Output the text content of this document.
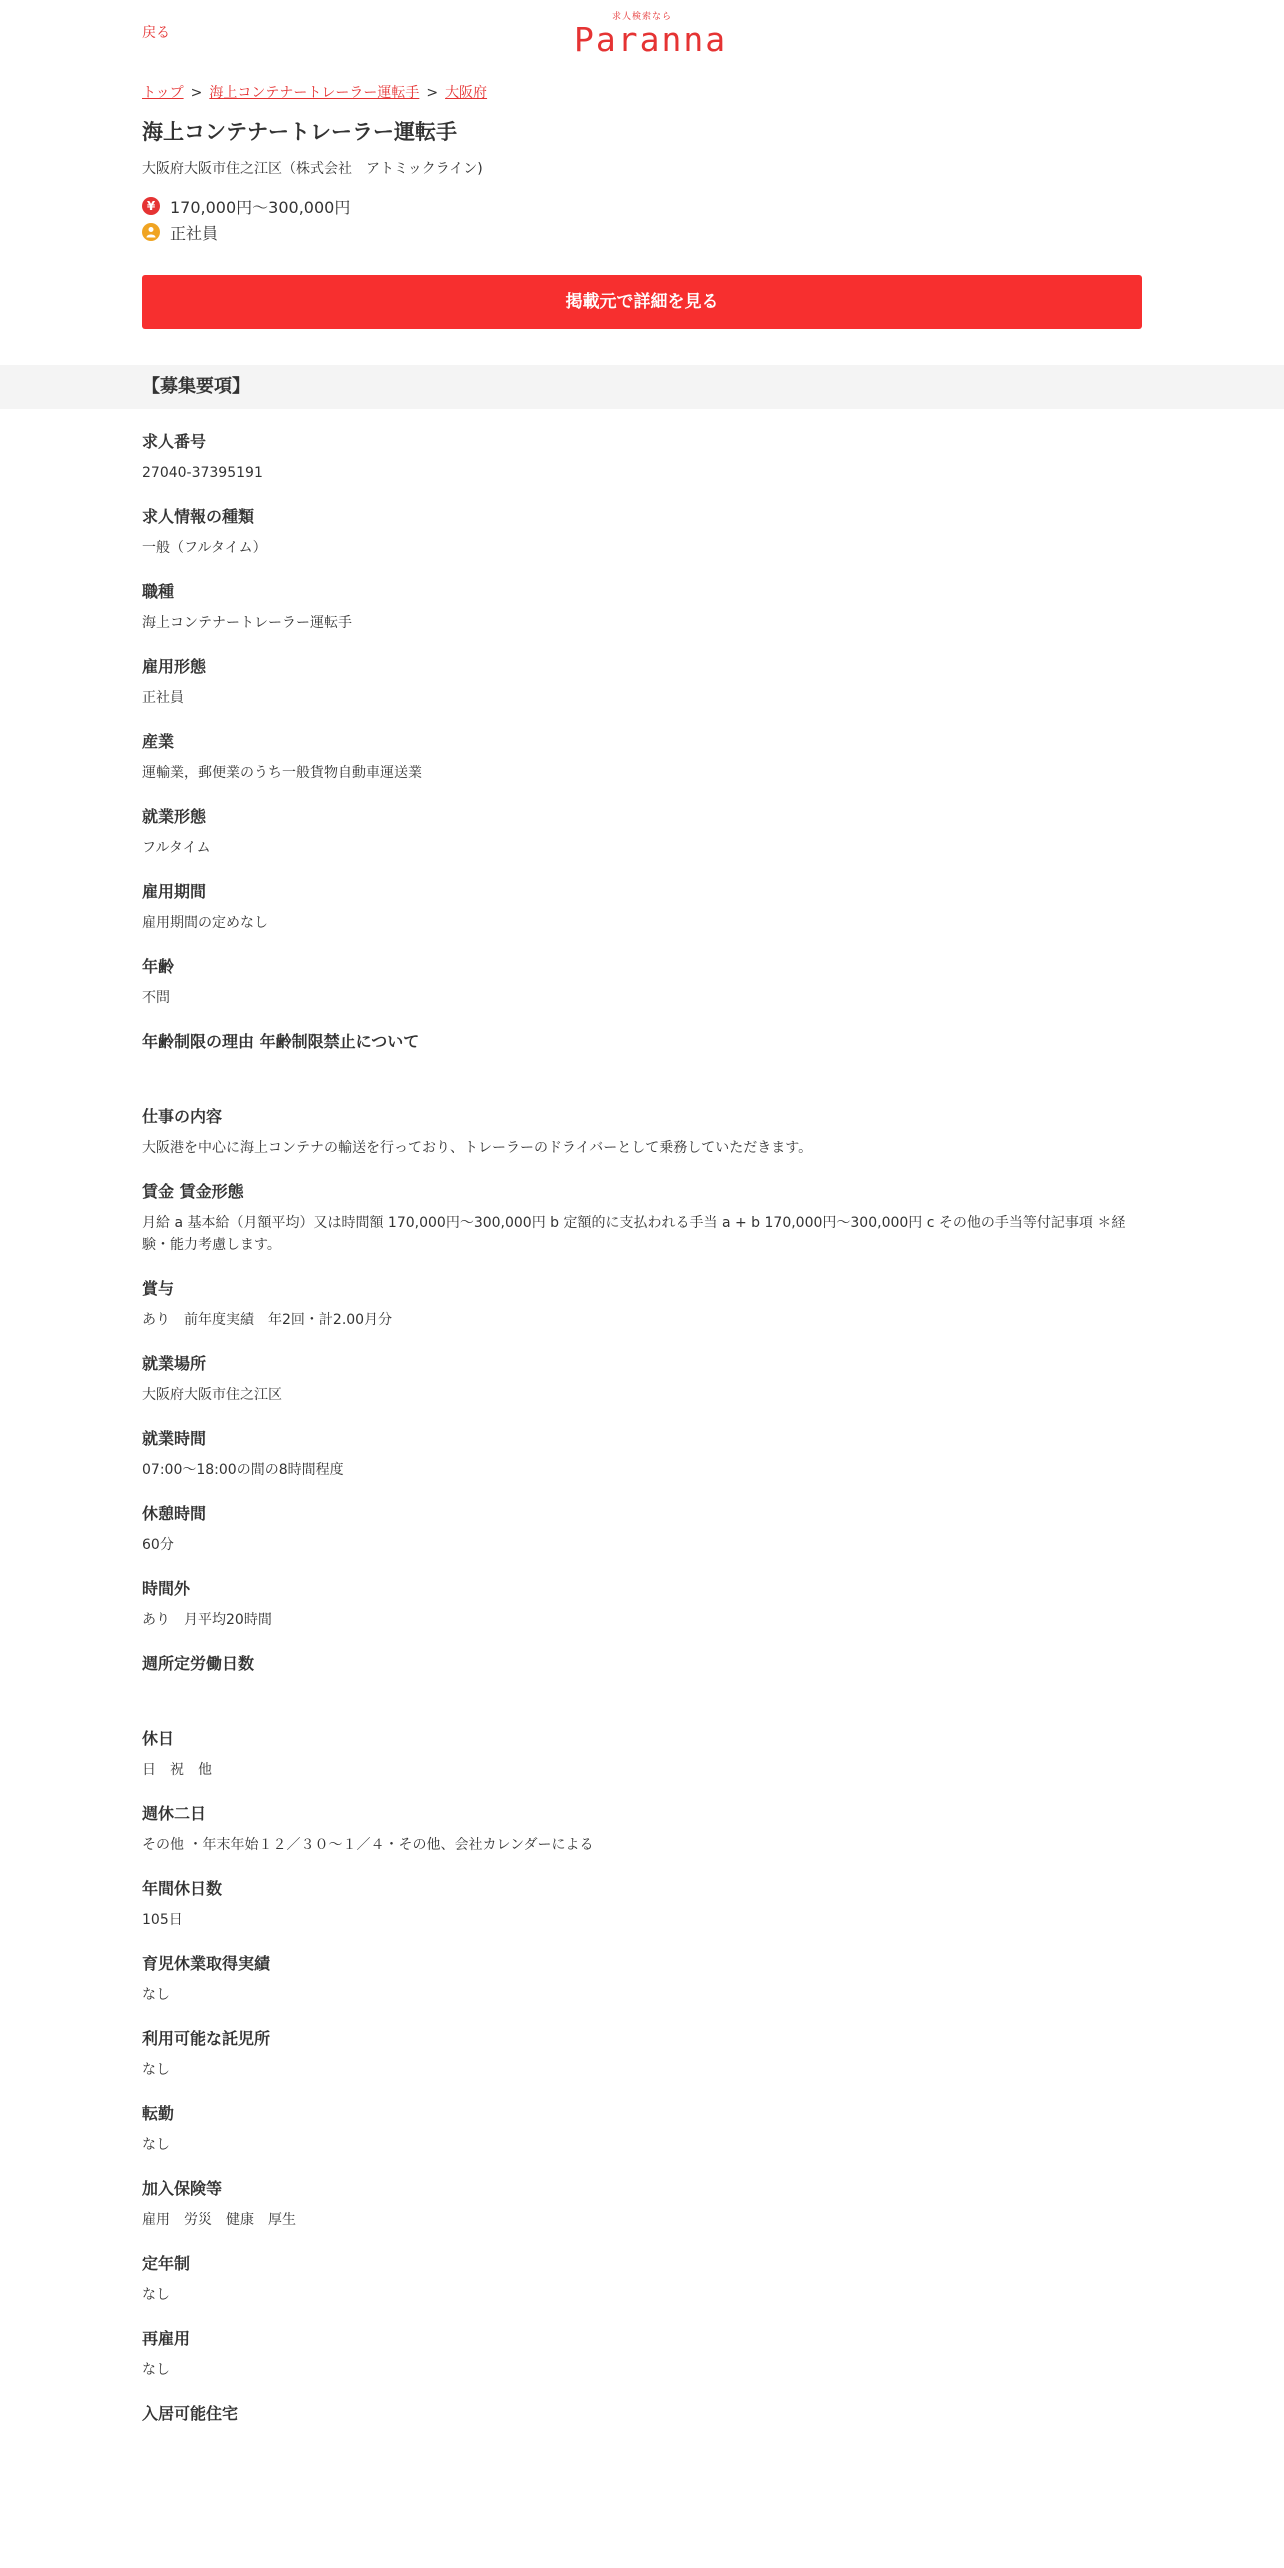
戻る
求人検索なら
Paranna
トップ > 海上コンテナートレーラー運転手 > 大阪府
海上コンテナートレーラー運転手
大阪府大阪市住之江区（株式会社　アトミックライン)
¥ 170,000円～300,000円
正社員
掲載元で詳細を見る
【募集要項】
求人番号
27040-37395191
求人情報の種類
一般（フルタイム）
職種
海上コンテナートレーラー運転手
雇用形態
正社員
産業
運輸業，郵便業のうち一般貨物自動車運送業
就業形態
フルタイム
雇用期間
雇用期間の定めなし
年齢
不問
年齢制限の理由 年齢制限禁止について
仕事の内容
大阪港を中心に海上コンテナの輸送を行っており、トレーラーのドライバーとして乗務していただきます。
賃金 賃金形態
月給 a 基本給（月額平均）又は時間額 170,000円～300,000円 b 定額的に支払われる手当 a + b 170,000円～300,000円 c その他の手当等付記事項 ＊経験・能力考慮します。
賞与
あり　前年度実績　年2回・計2.00月分
就業場所
大阪府大阪市住之江区
就業時間
07:00～18:00の間の8時間程度
休憩時間
60分
時間外
あり　月平均20時間
週所定労働日数
休日
日　祝　他
週休二日
その他 ・年末年始１２／３０～１／４・その他、会社カレンダーによる
年間休日数
105日
育児休業取得実績
なし
利用可能な託児所
なし
転勤
なし
加入保険等
雇用　労災　健康　厚生
定年制
なし
再雇用
なし
入居可能住宅
